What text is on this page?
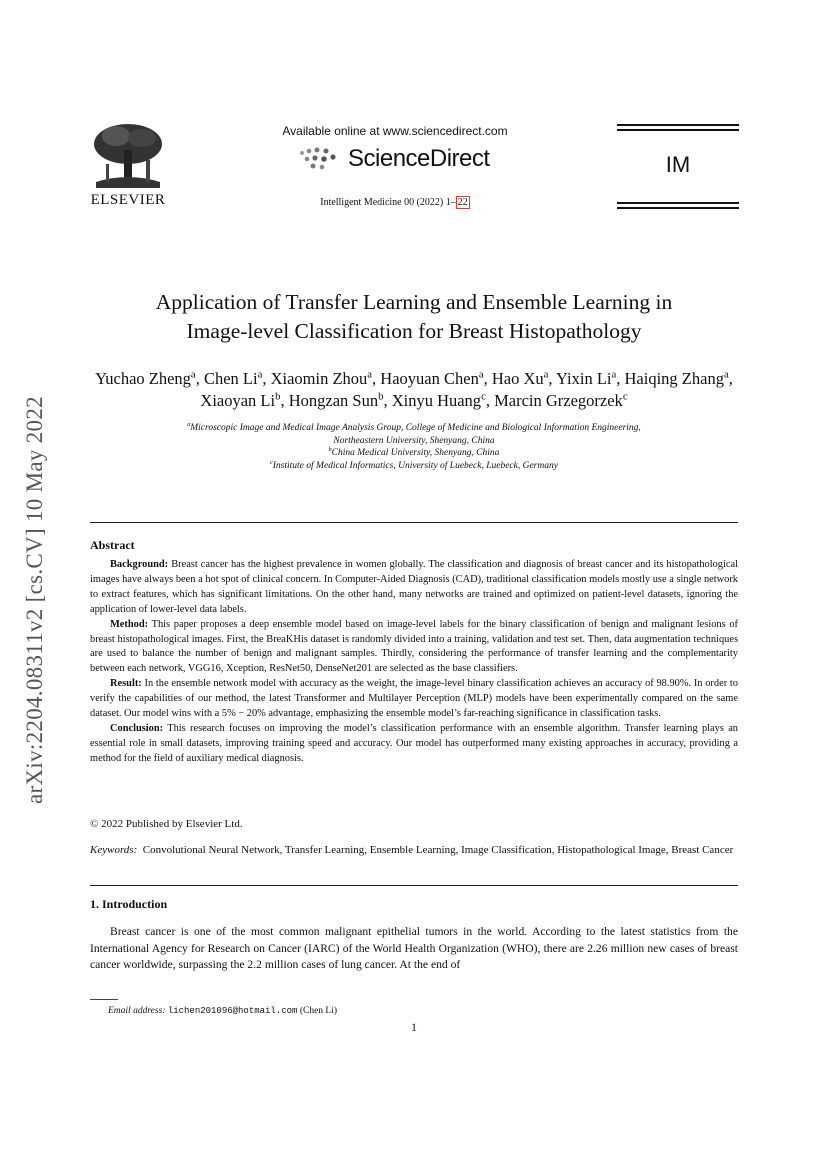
arXiv:2204.08311v2 [cs.CV] 10 May 2022
ELSEVIER
Available online at www.sciencedirect.com
ScienceDirect
Intelligent Medicine 00 (2022) 1– 22
IM
Application of Transfer Learning and Ensemble Learning in
Image-level Classification for Breast Histopathology
Yuchao Zheng$^a$, Chen Li$^a$, Xiaomin Zhou$^a$, Haoyuan Chen$^a$, Hao Xu$^a$, Yixin Li$^a$, Haiqing Zhang$^a$, Xiaoyan Li$^b$, Hongzan Sun$^b$, Xinyu Huang$^c$, Marcin Grzegorzek$^c$
$^a$Microscopic Image and Medical Image Analysis Group, College of Medicine and Biological Information Engineering,
Northeastern University, Shenyang, China
$^b$China Medical University, Shenyang, China
$^c$Institute of Medical Informatics, University of Luebeck, Luebeck, Germany
Abstract

Background: Breast cancer has the highest prevalence in women globally. The classification and diagnosis of breast cancer and its histopathological images have always been a hot spot of clinical concern. In Computer-Aided Diagnosis (CAD), traditional classification models mostly use a single network to extract features, which has significant limitations. On the other hand, many networks are trained and optimized on patient-level datasets, ignoring the application of lower-level data labels.

Method: This paper proposes a deep ensemble model based on image-level labels for the binary classification of benign and malignant lesions of breast histopathological images. First, the BreaKHis dataset is randomly divided into a training, validation and test set. Then, data augmentation techniques are used to balance the number of benign and malignant samples. Thirdly, considering the performance of transfer learning and the complementarity between each network, VGG16, Xception, ResNet50, DenseNet201 are selected as the base classifiers.

Result: In the ensemble network model with accuracy as the weight, the image-level binary classification achieves an accuracy of 98.90%. In order to verify the capabilities of our method, the latest Transformer and Multilayer Perception (MLP) models have been experimentally compared on the same dataset. Our model wins with a 5% − 20% advantage, emphasizing the ensemble model’s far-reaching significance in classification tasks.

Conclusion: This research focuses on improving the model’s classification performance with an ensemble algorithm. Transfer learning plays an essential role in small datasets, improving training speed and accuracy. Our model has outperformed many existing approaches in accuracy, providing a method for the field of auxiliary medical diagnosis.

© 2022 Published by Elsevier Ltd.
Keywords: Convolutional Neural Network, Transfer Learning, Ensemble Learning, Image Classification, Histopathological Image, Breast Cancer
1. Introduction
Breast cancer is one of the most common malignant epithelial tumors in the world. According to the latest statistics from the International Agency for Research on Cancer (IARC) of the World Health Organization (WHO), there are 2.26 million new cases of breast cancer worldwide, surpassing the 2.2 million cases of lung cancer. At the end of
Email address: lichen201096@hotmail.com (Chen Li)
1
